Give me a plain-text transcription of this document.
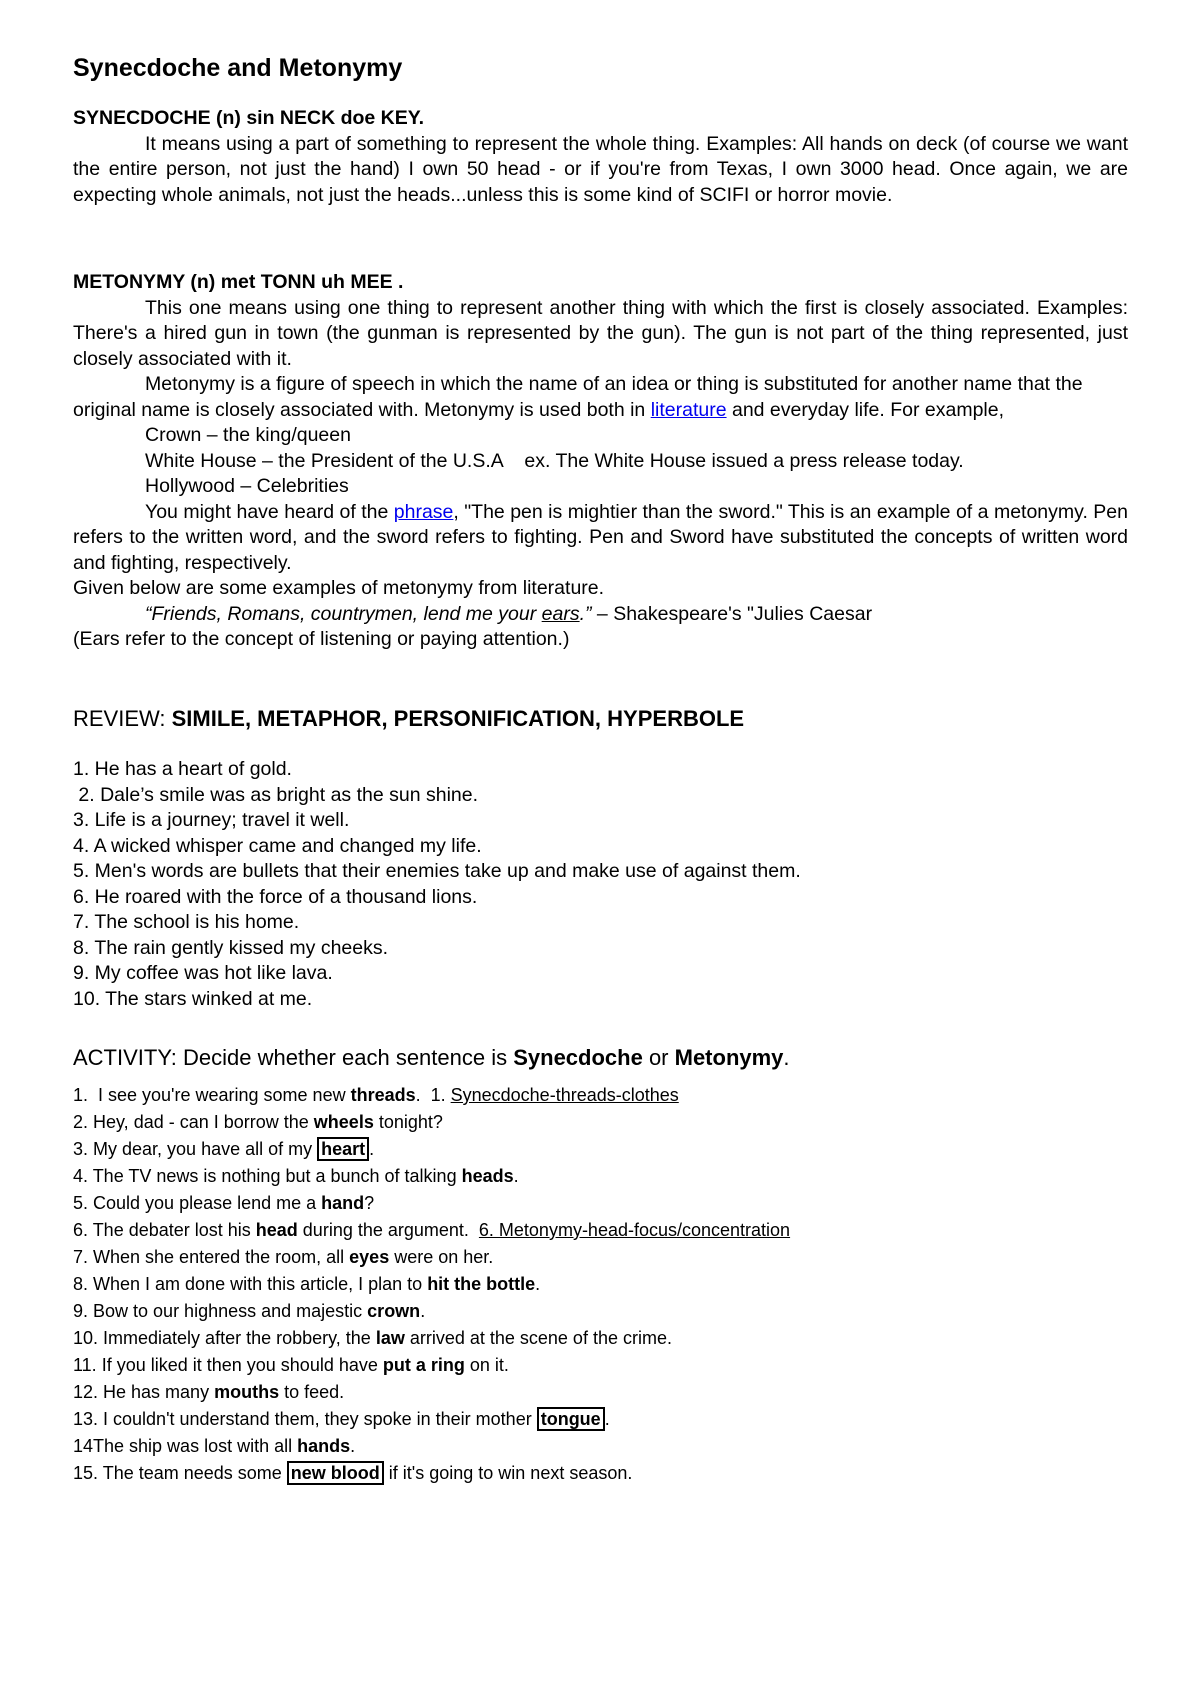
Synecdoche and Metonymy

SYNECDOCHE (n) sin NECK doe KEY.

It means using a part of something to represent the whole thing. Examples: All hands on deck (of course we want the entire person, not just the hand) I own 50 head - or if you're from Texas, I own 3000 head. Once again, we are expecting whole animals, not just the heads...unless this is some kind of SCIFI or horror movie.

METONYMY (n) met TONN uh MEE .

This one means using one thing to represent another thing with which the first is closely associated. Examples: There's a hired gun in town (the gunman is represented by the gun). The gun is not part of the thing represented, just closely associated with it.

Metonymy is a figure of speech in which the name of an idea or thing is substituted for another name that the original name is closely associated with. Metonymy is used both in literature and everyday life. For example,

Crown – the king/queen

White House – the President of the U.S.A    ex. The White House issued a press release today.

Hollywood – Celebrities

You might have heard of the phrase, "The pen is mightier than the sword." This is an example of a metonymy. Pen refers to the written word, and the sword refers to fighting. Pen and Sword have substituted the concepts of written word and fighting, respectively.

Given below are some examples of metonymy from literature.

“Friends, Romans, countrymen, lend me your ears.” – Shakespeare's "Julies Caesar

(Ears refer to the concept of listening or paying attention.)

REVIEW: SIMILE, METAPHOR, PERSONIFICATION, HYPERBOLE

1. He has a heart of gold.

2. Dale’s smile was as bright as the sun shine.

3. Life is a journey; travel it well.

4. A wicked whisper came and changed my life.

5. Men's words are bullets that their enemies take up and make use of against them.

6. He roared with the force of a thousand lions.

7. The school is his home.

8. The rain gently kissed my cheeks.

9. My coffee was hot like lava.

10. The stars winked at me.

ACTIVITY: Decide whether each sentence is Synecdoche or Metonymy.

1.  I see you're wearing some new threads.  1. Synecdoche-threads-clothes

2. Hey, dad - can I borrow the wheels tonight?

3. My dear, you have all of my heart .

4. The TV news is nothing but a bunch of talking heads.

5. Could you please lend me a hand?

6. The debater lost his head during the argument.  6. Metonymy-head-focus/concentration

7. When she entered the room, all eyes were on her.

8. When I am done with this article, I plan to hit the bottle.

9. Bow to our highness and majestic crown.

10. Immediately after the robbery, the law arrived at the scene of the crime.

11. If you liked it then you should have put a ring on it.

12. He has many mouths to feed.

13. I couldn't understand them, they spoke in their mother tongue .

14The ship was lost with all hands.

15. The team needs some new blood if it's going to win next season.
